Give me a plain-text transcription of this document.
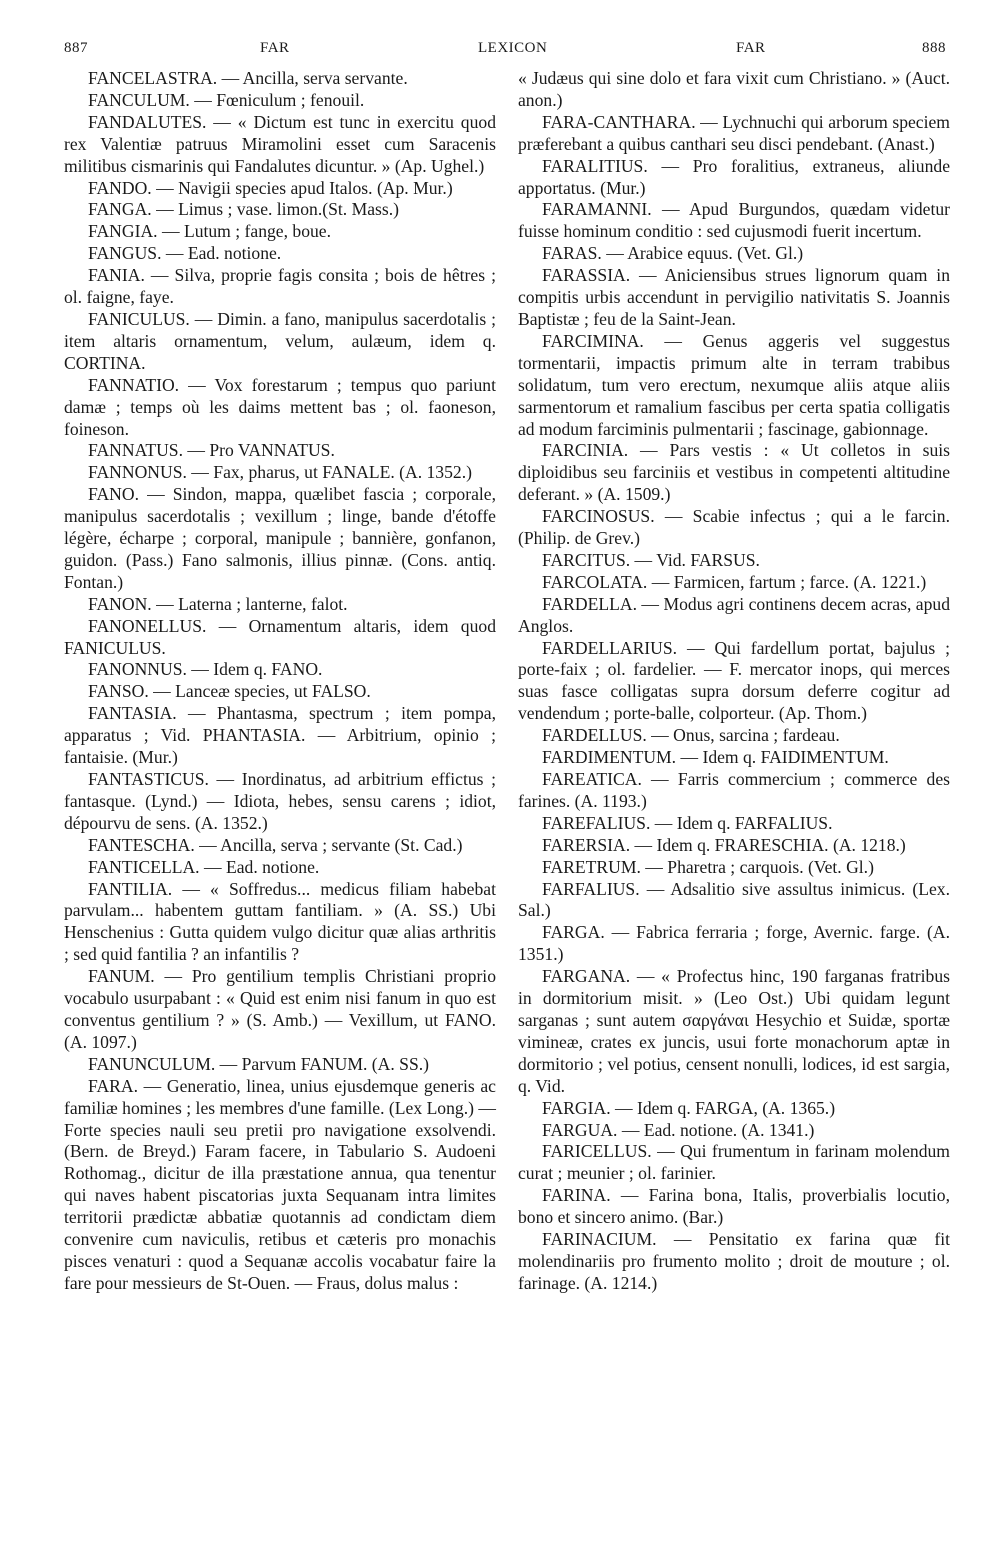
887	FAR	LEXICON	FAR	888

FANCELASTRA. — Ancilla, serva servante.

FANCULUM. — Fœniculum ; fenouil.

FANDALUTES. — « Dictum est tunc in exercitu quod rex Valentiæ patruus Miramolini esset cum Saracenis militibus cismarinis qui Fandalutes dicuntur. » (Ap. Ughel.)

FANDO. — Navigii species apud Italos. (Ap. Mur.)

FANGA. — Limus ; vase. limon.(St. Mass.)

FANGIA. — Lutum ; fange, boue.

FANGUS. — Ead. notione.

FANIA. — Silva, proprie fagis consita ; bois de hêtres ; ol. faigne, faye.

FANICULUS. — Dimin. a fano, manipulus sacerdotalis ; item altaris ornamentum, velum, aulæum, idem q. CORTINA.

FANNATIO. — Vox forestarum ; tempus quo pariunt damæ ; temps où les daims mettent bas ; ol. faoneson, foineson.

FANNATUS. — Pro VANNATUS.

FANNONUS. — Fax, pharus, ut FANALE. (A. 1352.)

FANO. — Sindon, mappa, quælibet fascia ; corporale, manipulus sacerdotalis ; vexillum ; linge, bande d'étoffe légère, écharpe ; corporal, manipule ; bannière, gonfanon, guidon. (Pass.) Fano salmonis, illius pinnæ. (Cons. antiq. Fontan.)

FANON. — Laterna ; lanterne, falot.

FANONELLUS. — Ornamentum altaris, idem quod FANICULUS.

FANONNUS. — Idem q. FANO.

FANSO. — Lanceæ species, ut FALSO.

FANTASIA. — Phantasma, spectrum ; item pompa, apparatus ; Vid. PHANTASIA. — Arbitrium, opinio ; fantaisie. (Mur.)

FANTASTICUS. — Inordinatus, ad arbitrium effictus ; fantasque. (Lynd.) — Idiota, hebes, sensu carens ; idiot, dépourvu de sens. (A. 1352.)

FANTESCHA. — Ancilla, serva ; servante (St. Cad.)

FANTICELLA. — Ead. notione.

FANTILIA. — « Soffredus... medicus filiam habebat parvulam... habentem guttam fantiliam. » (A. SS.) Ubi Henschenius : Gutta quidem vulgo dicitur quæ alias arthritis ; sed quid fantilia ? an infantilis ?

FANUM. — Pro gentilium templis Christiani proprio vocabulo usurpabant : « Quid est enim nisi fanum in quo est conventus gentilium ? » (S. Amb.) — Vexillum, ut FANO. (A. 1097.)

FANUNCULUM. — Parvum FANUM. (A. SS.)

FARA. — Generatio, linea, unius ejusdemque generis ac familiæ homines ; les membres d'une famille. (Lex Long.) — Forte species nauli seu pretii pro navigatione exsolvendi. (Bern. de Breyd.) Faram facere, in Tabulario S. Audoeni Rothomag., dicitur de illa præstatione annua, qua tenentur qui naves habent piscatorias juxta Sequanam intra limites territorii prædictæ abbatiæ quotannis ad condictam diem convenire cum naviculis, retibus et cæteris pro monachis pisces venaturi : quod a Sequanæ accolis vocabatur faire la fare pour messieurs de St-Ouen. — Fraus, dolus malus :

« Judæus qui sine dolo et fara vixit cum Christiano. » (Auct. anon.)

FARA-CANTHARA. — Lychnuchi qui arborum speciem præferebant a quibus canthari seu disci pendebant. (Anast.)

FARALITIUS. — Pro foralitius, extraneus, aliunde apportatus. (Mur.)

FARAMANNI. — Apud Burgundos, quædam videtur fuisse hominum conditio : sed cujusmodi fuerit incertum.

FARAS. — Arabice equus. (Vet. Gl.)

FARASSIA. — Aniciensibus strues lignorum quam in compitis urbis accendunt in pervigilio nativitatis S. Joannis Baptistæ ; feu de la Saint-Jean.

FARCIMINA. — Genus aggeris vel suggestus tormentarii, impactis primum alte in terram trabibus solidatum, tum vero erectum, nexumque aliis atque aliis sarmentorum et ramalium fascibus per certa spatia colligatis ad modum farciminis pulmentarii ; fascinage, gabionnage.

FARCINIA. — Pars vestis : « Ut colletos in suis diploidibus seu farciniis et vestibus in competenti altitudine deferant. » (A. 1509.)

FARCINOSUS. — Scabie infectus ; qui a le farcin. (Philip. de Grev.)

FARCITUS. — Vid. FARSUS.

FARCOLATA. — Farmicen, fartum ; farce. (A. 1221.)

FARDELLA. — Modus agri continens decem acras, apud Anglos.

FARDELLARIUS. — Qui fardellum portat, bajulus ; porte-faix ; ol. fardelier. — F. mercator inops, qui merces suas fasce colligatas supra dorsum deferre cogitur ad vendendum ; porte-balle, colporteur. (Ap. Thom.)

FARDELLUS. — Onus, sarcina ; fardeau.

FARDIMENTUM. — Idem q. FAIDIMENTUM.

FAREATICA. — Farris commercium ; commerce des farines. (A. 1193.)

FAREFALIUS. — Idem q. FARFALIUS.

FARERSIA. — Idem q. FRARESCHIA. (A. 1218.)

FARETRUM. — Pharetra ; carquois. (Vet. Gl.)

FARFALIUS. — Adsalitio sive assultus inimicus. (Lex. Sal.)

FARGA. — Fabrica ferraria ; forge, Avernic. farge. (A. 1351.)

FARGANA. — « Profectus hinc, 190 farganas fratribus in dormitorium misit. » (Leo Ost.) Ubi quidam legunt sarganas ; sunt autem σαργάναι Hesychio et Suidæ, sportæ vimineæ, crates ex juncis, usui forte monachorum aptæ in dormitorio ; vel potius, censent nonulli, lodices, id est sargia, q. Vid.

FARGIA. — Idem q. FARGA, (A. 1365.)

FARGUA. — Ead. notione. (A. 1341.)

FARICELLUS. — Qui frumentum in farinam molendum curat ; meunier ; ol. farinier.

FARINA. — Farina bona, Italis, proverbialis locutio, bono et sincero animo. (Bar.)

FARINACIUM. — Pensitatio ex farina quæ fit molendinariis pro frumento molito ; droit de mouture ; ol. farinage. (A. 1214.)
